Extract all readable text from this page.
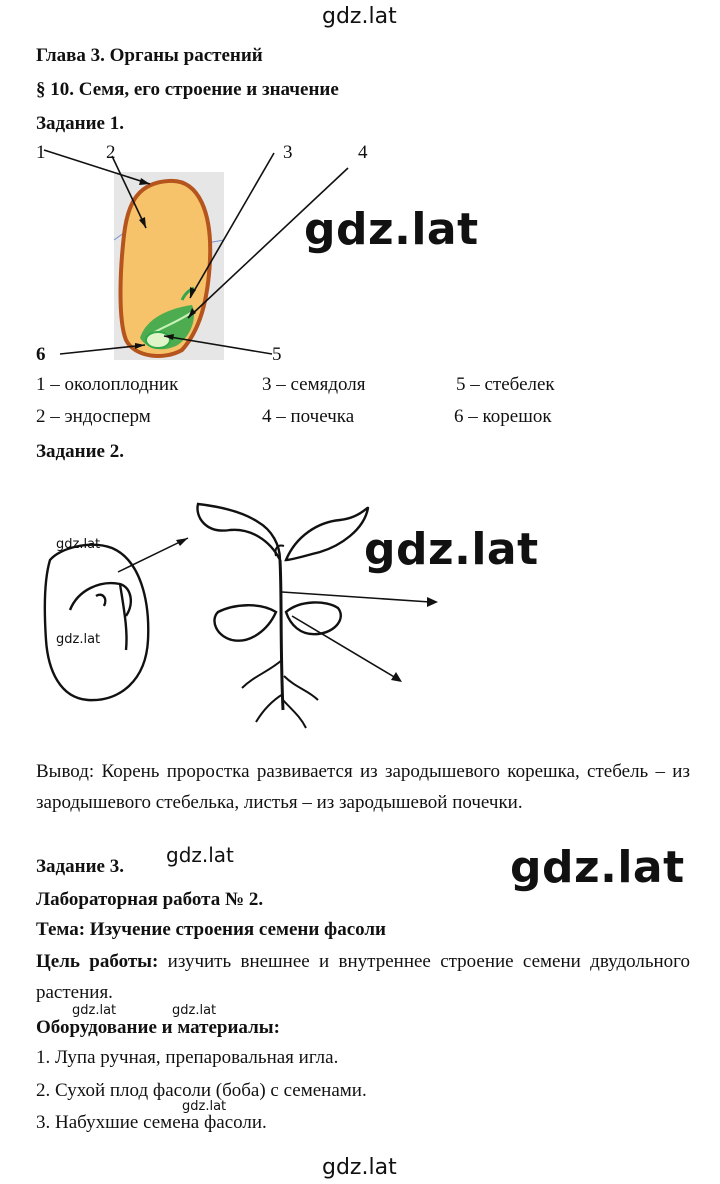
gdz.lat
gdz.lat
Глава 3. Органы растений
§ 10. Семя, его строение и значение
Задание 1.
1	2	3	4
5
6
gdz.lat
1 – околоплодник	3 – семядоля	5 – стебелек
2 – эндосперм	4 – почечка	6 – корешок
Задание 2.
gdz.lat
gdz.lat
gdz.lat
Вывод: Корень проростка развивается из зародышевого корешка, стебель – из зародышевого стебелька, листья – из зародышевой почечки.
Задание 3. gdz.lat	gdz.lat
Лабораторная работа № 2.
Тема: Изучение строения семени фасоли
Цель работы: изучить внешнее и внутреннее строение семени двудольного растения.
Оборудование и материалы:
gdz.lat	gdz.lat
1. Лупа ручная, препаровальная игла.
2. Сухой плод фасоли (боба) с семенами.
3. Набухшие семена фасоли.
gdz.lat
